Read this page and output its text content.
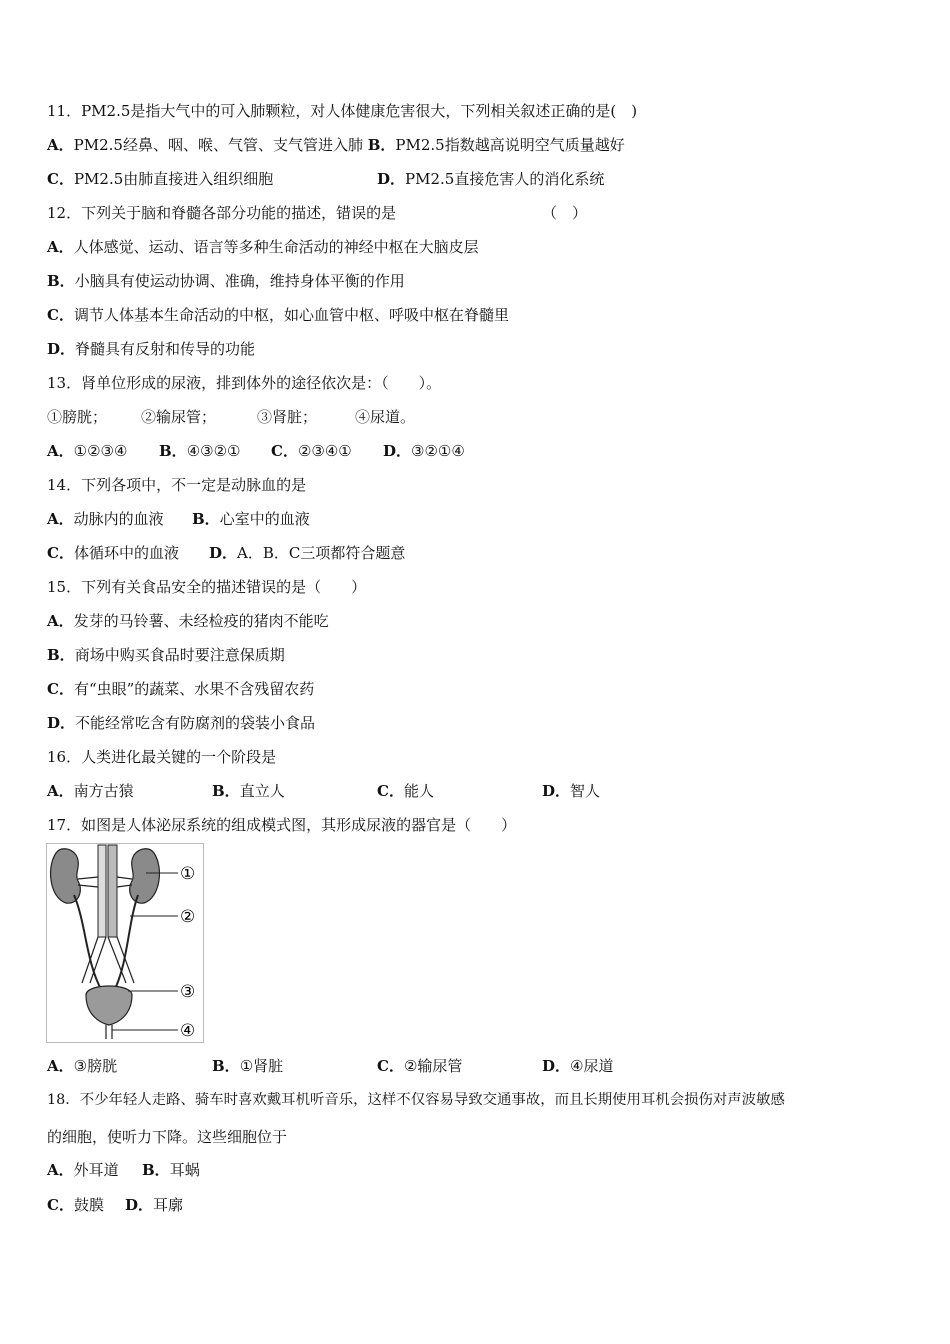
11．PM2.5是指大气中的可入肺颗粒，对人体健康危害很大，下列相关叙述正确的是(　)
A．PM2.5经鼻、咽、喉、气管、支气管进入肺 B．PM2.5指数越高说明空气质量越好
C．PM2.5由肺直接进入组织细胞	D．PM2.5直接危害人的消化系统
12．下列关于脑和脊髓各部分功能的描述，错误的是	（　）
A．人体感觉、运动、语言等多种生命活动的神经中枢在大脑皮层
B．小脑具有使运动协调、准确，维持身体平衡的作用
C．调节人体基本生命活动的中枢，如心血管中枢、呼吸中枢在脊髓里
D．脊髓具有反射和传导的功能
13．肾单位形成的尿液，排到体外的途径依次是：（　　）。
①膀胱； ②输尿管；	③肾脏；	④尿道。
A．①②③④ B．④③②① C．②③④① D．③②①④
14．下列各项中，不一定是动脉血的是
A．动脉内的血液 B．心室中的血液
C．体循环中的血液 D．A．B．C三项都符合题意
15．下列有关食品安全的描述错误的是（　　）
A．发芽的马铃薯、未经检疫的猪肉不能吃
B．商场中购买食品时要注意保质期
C．有“虫眼”的蔬菜、水果不含残留农药
D．不能经常吃含有防腐剂的袋装小食品
16．人类进化最关键的一个阶段是
A．南方古猿	B．直立人	C．能人	D．智人
17．如图是人体泌尿系统的组成模式图，其形成尿液的器官是（　　）
①
②
③
④
A．③膀胱	B．①肾脏	C．②输尿管	D．④尿道
18．不少年轻人走路、骑车时喜欢戴耳机听音乐，这样不仅容易导致交通事故，而且长期使用耳机会损伤对声波敏感
的细胞，使听力下降。这些细胞位于
A．外耳道 B．耳蜗
C．鼓膜 D．耳廓
